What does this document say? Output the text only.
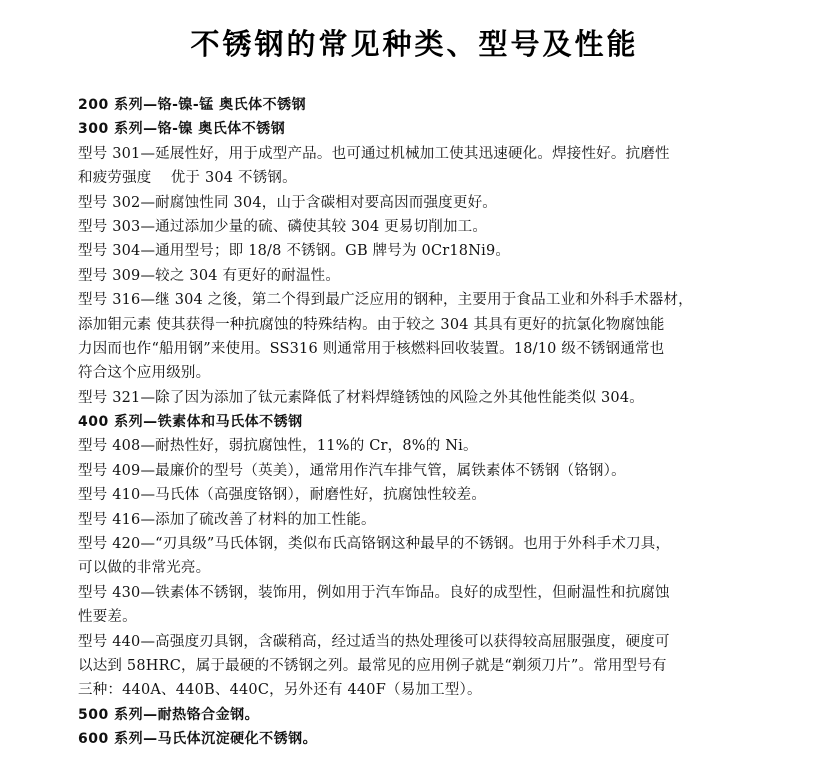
不锈钢的常见种类、型号及性能
200 系列—铬-镍-锰 奥氏体不锈钢
300 系列—铬-镍 奥氏体不锈钢
型号 301—延展性好，用于成型产品。也可通过机械加工使其迅速硬化。焊接性好。抗磨性
和疲劳强度    优于 304 不锈钢。
型号 302—耐腐蚀性同 304，山于含碳相对要高因而强度更好。
型号 303—通过添加少量的硫、磷使其较 304 更易切削加工。
型号 304—通用型号；即 18/8 不锈钢。GB 牌号为 0Cr18Ni9。
型号 309—较之 304 有更好的耐温性。
型号 316—继 304 之後，第二个得到最广泛应用的钢种，主要用于食品工业和外科手术器材，
添加钼元素 使其获得一种抗腐蚀的特殊结构。由于较之 304 其具有更好的抗氯化物腐蚀能
力因而也作“船用钢”来使用。SS316 则通常用于核燃料回收装置。18/10 级不锈钢通常也
符合这个应用级别。
型号 321—除了因为添加了钛元素降低了材料焊缝锈蚀的风险之外其他性能类似 304。
400 系列—铁素体和马氏体不锈钢
型号 408—耐热性好，弱抗腐蚀性，11%的 Cr，8%的 Ni。
型号 409—最廉价的型号（英美），通常用作汽车排气管，属铁素体不锈钢（铬钢）。
型号 410—马氏体（高强度铬钢），耐磨性好，抗腐蚀性较差。
型号 416—添加了硫改善了材料的加工性能。
型号 420—“刃具级”马氏体钢，类似布氏高铬钢这种最早的不锈钢。也用于外科手术刀具，
可以做的非常光亮。
型号 430—铁素体不锈钢，装饰用，例如用于汽车饰品。良好的成型性，但耐温性和抗腐蚀
性要差。
型号 440—高强度刃具钢，含碳稍高，经过适当的热处理後可以获得较高屈服强度，硬度可
以达到 58HRC，属于最硬的不锈钢之列。最常见的应用例子就是“剃须刀片”。常用型号有
三种：440A、440B、440C，另外还有 440F（易加工型）。
500 系列—耐热铬合金钢。
600 系列—马氏体沉淀硬化不锈钢。
